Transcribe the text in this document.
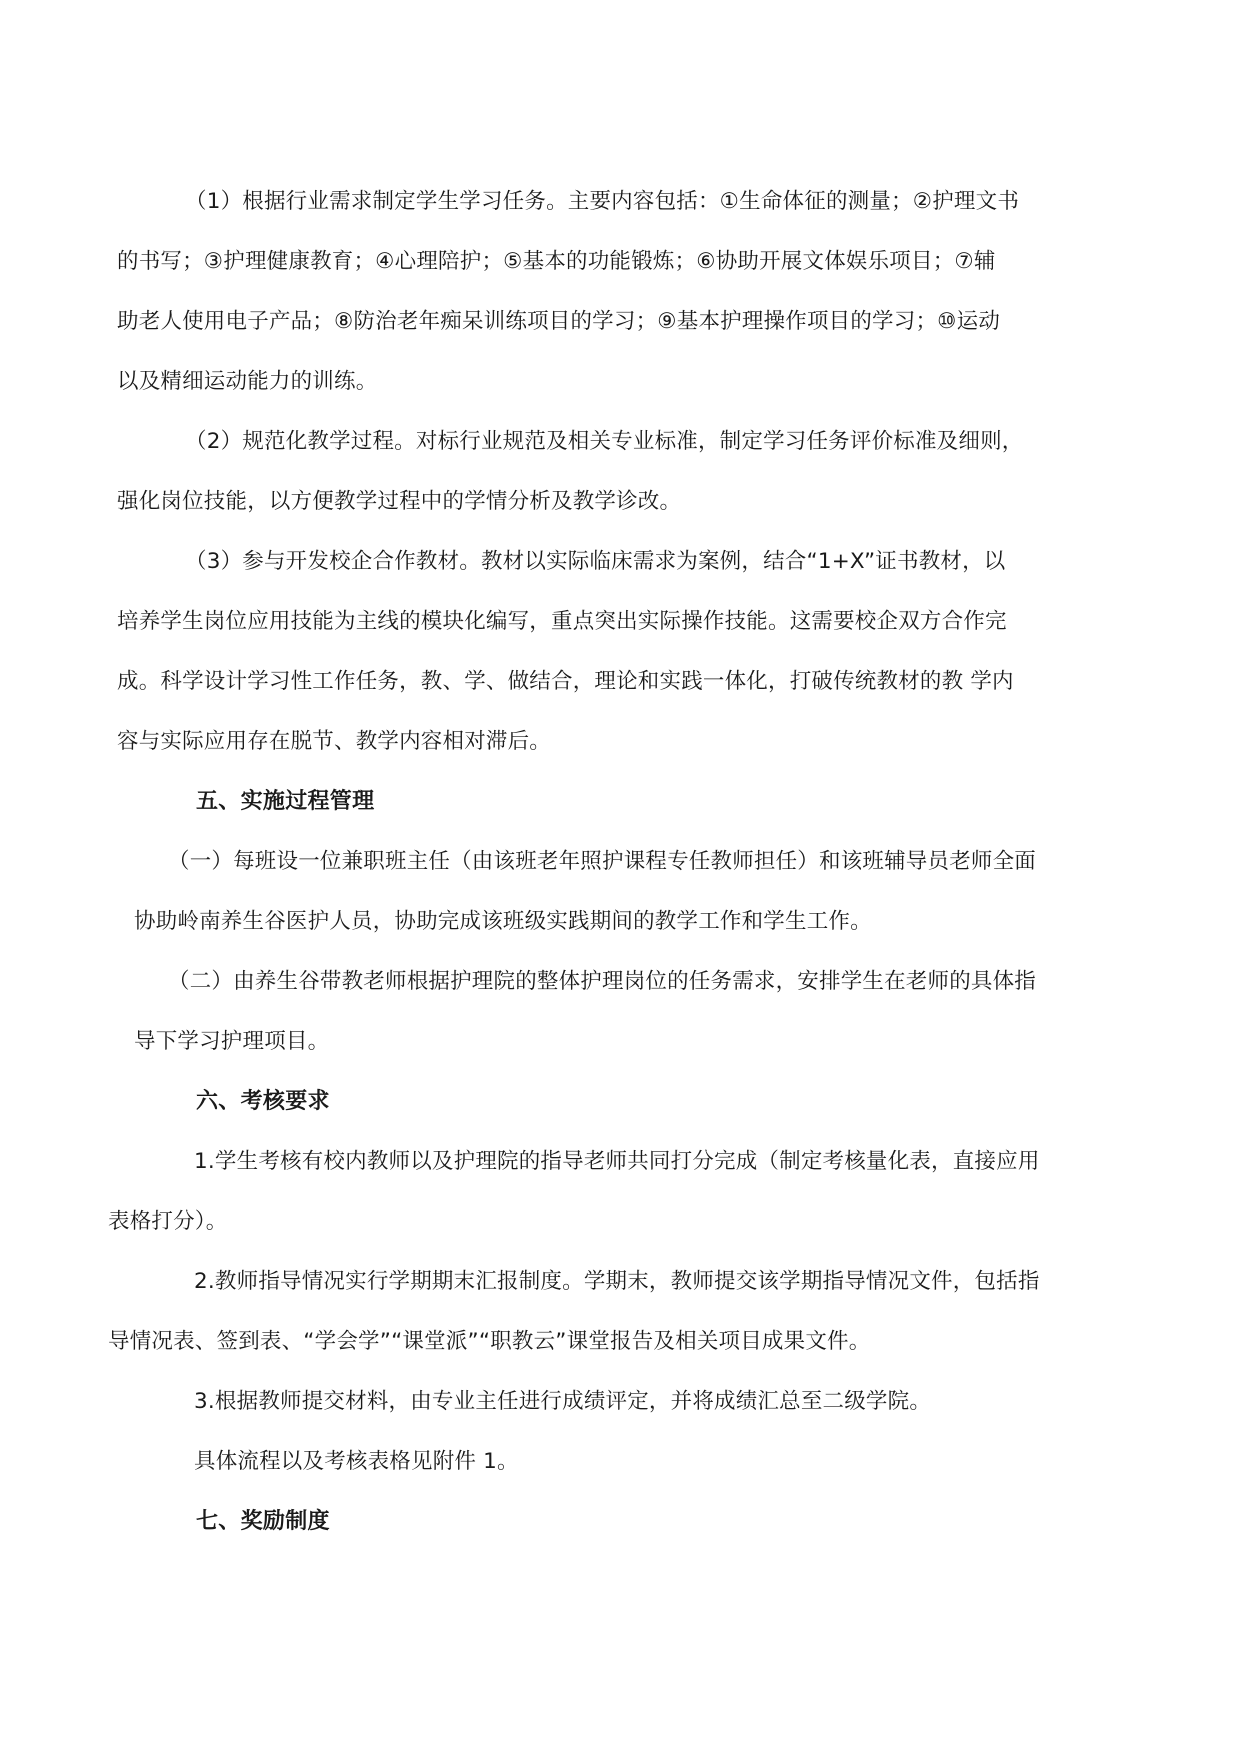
（1）根据行业需求制定学生学习任务。主要内容包括：①生命体征的测量；②护理文书
的书写；③护理健康教育；④心理陪护；⑤基本的功能锻炼；⑥协助开展文体娱乐项目；⑦辅
助老人使用电子产品；⑧防治老年痴呆训练项目的学习；⑨基本护理操作项目的学习；⑩运动
以及精细运动能力的训练。

（2）规范化教学过程。对标行业规范及相关专业标准，制定学习任务评价标准及细则，
强化岗位技能，以方便教学过程中的学情分析及教学诊改。

（3）参与开发校企合作教材。教材以实际临床需求为案例，结合“1+X”证书教材，以
培养学生岗位应用技能为主线的模块化编写，重点突出实际操作技能。这需要校企双方合作完
成。科学设计学习性工作任务，教、学、做结合，理论和实践一体化，打破传统教材的教 学内
容与实际应用存在脱节、教学内容相对滞后。

五、实施过程管理

（一）每班设一位兼职班主任（由该班老年照护课程专任教师担任）和该班辅导员老师全面
协助岭南养生谷医护人员，协助完成该班级实践期间的教学工作和学生工作。

（二）由养生谷带教老师根据护理院的整体护理岗位的任务需求，安排学生在老师的具体指
导下学习护理项目。

六、考核要求

1.学生考核有校内教师以及护理院的指导老师共同打分完成（制定考核量化表，直接应用
表格打分）。

2.教师指导情况实行学期期末汇报制度。学期末，教师提交该学期指导情况文件，包括指
导情况表、签到表、“学会学”“课堂派”“职教云”课堂报告及相关项目成果文件。

3.根据教师提交材料，由专业主任进行成绩评定，并将成绩汇总至二级学院。

具体流程以及考核表格见附件 1。

七、奖励制度
